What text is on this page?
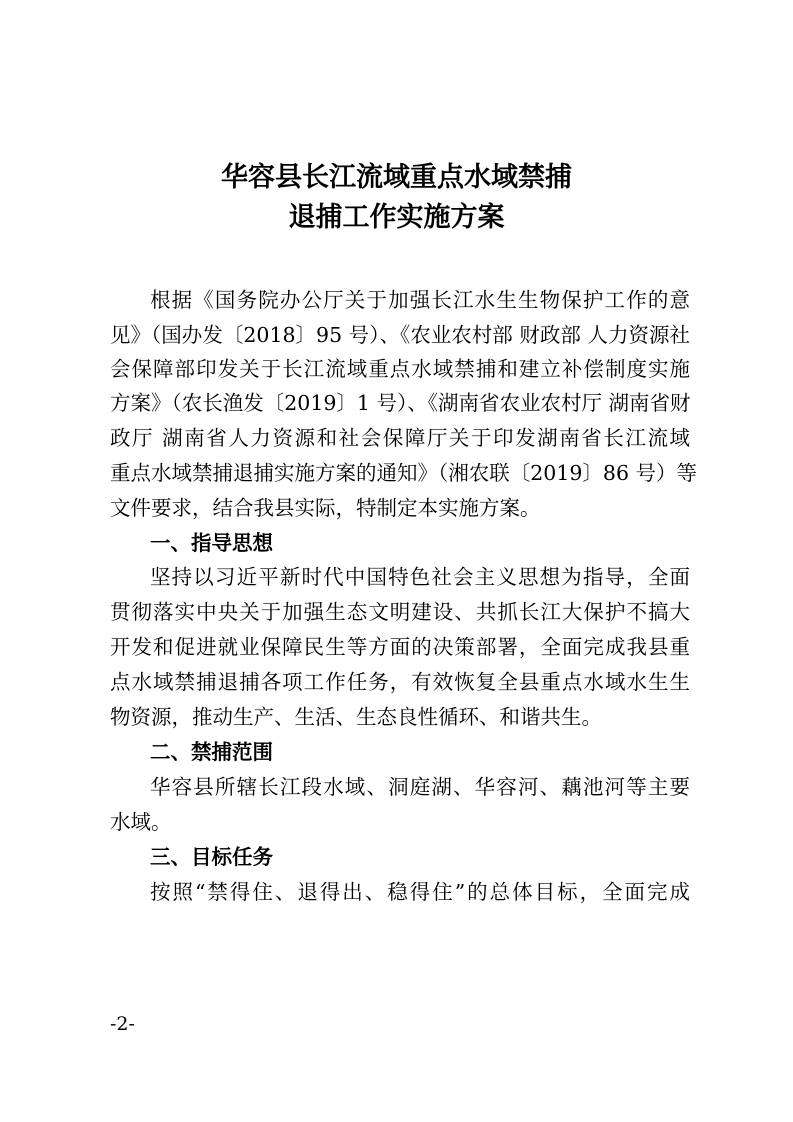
华容县长江流域重点水域禁捕
退捕工作实施方案

根据《国务院办公厅关于加强长江水生生物保护工作的意

见》（国办发〔2018〕95 号）、《农业农村部 财政部 人力资源社

会保障部印发关于长江流域重点水域禁捕和建立补偿制度实施

方案》（农长渔发〔2019〕1 号）、《湖南省农业农村厅 湖南省财

政厅 湖南省人力资源和社会保障厅关于印发湖南省长江流域

重点水域禁捕退捕实施方案的通知》（湘农联〔2019〕86 号）等

文件要求，结合我县实际，特制定本实施方案。

一、指导思想

坚持以习近平新时代中国特色社会主义思想为指导，全面

贯彻落实中央关于加强生态文明建设、共抓长江大保护不搞大

开发和促进就业保障民生等方面的决策部署，全面完成我县重

点水域禁捕退捕各项工作任务，有效恢复全县重点水域水生生

物资源，推动生产、生活、生态良性循环、和谐共生。

二、禁捕范围

华容县所辖长江段水域、洞庭湖、华容河、藕池河等主要

水域。

三、目标任务

按照“禁得住、退得出、稳得住”的总体目标，全面完成

-2-
